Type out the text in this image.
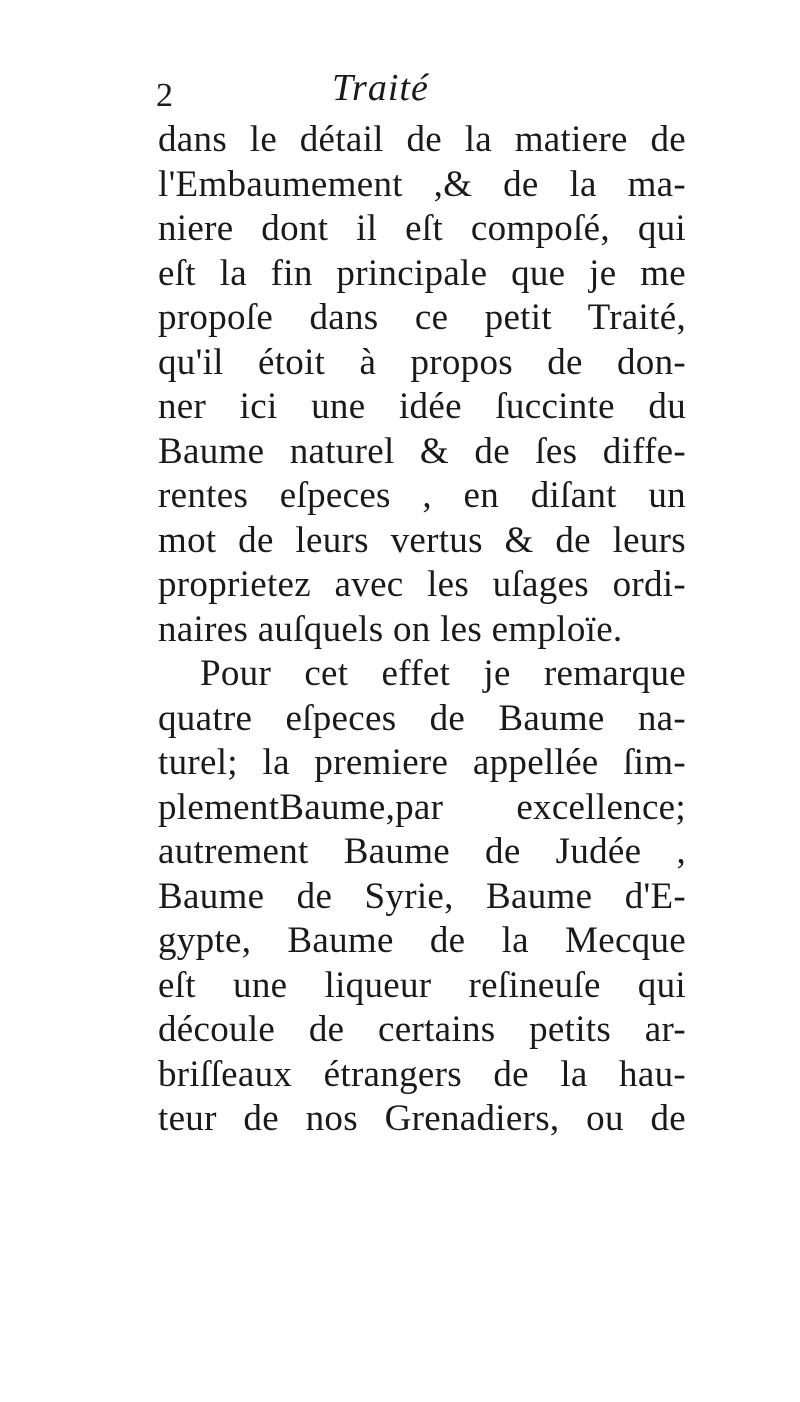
2	Traité
dans le détail de la matiere de
l'Embaumement ,& de la ma-
niere dont il eſt compoſé, qui
eſt la fin principale que je me
propoſe dans ce petit Traité,
qu'il étoit à propos de don-
ner ici une idée ſuccinte du
Baume naturel & de ſes diffe-
rentes eſpeces , en diſant un
mot de leurs vertus & de leurs
proprietez avec les uſages ordi-
naires auſquels on les emploïe.
Pour cet effet je remarque
quatre eſpeces de Baume na-
turel; la premiere appellée ſim-
plementBaume,par excellence;
autrement Baume de Judée ,
Baume de Syrie, Baume d'E-
gypte, Baume de la Mecque
eſt une liqueur reſineuſe qui
découle de certains petits ar-
briſſeaux étrangers de la hau-
teur de nos Grenadiers, ou de
